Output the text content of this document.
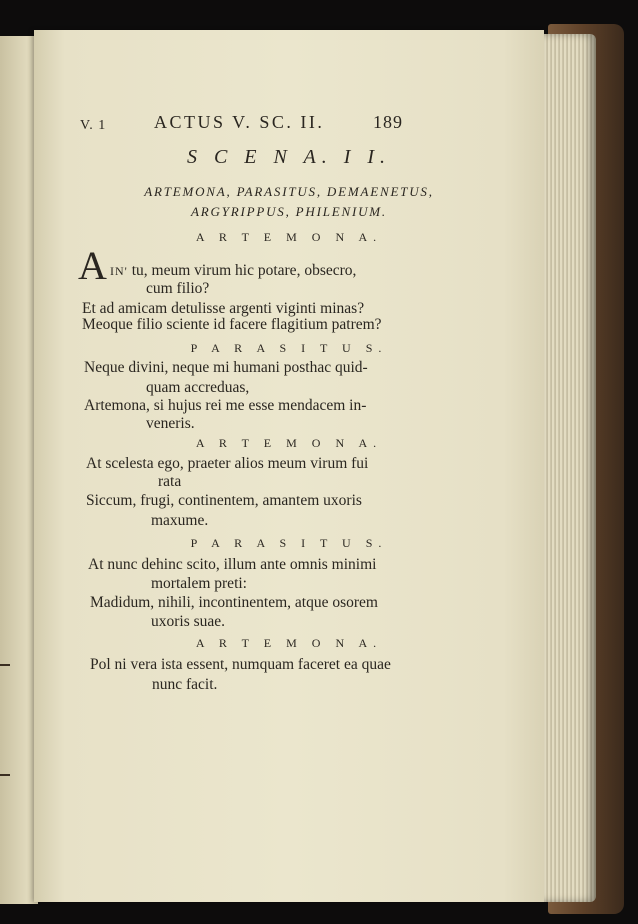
V. 1	ACTUS V. SC. II.	189
S C E N A. I I.
ARTEMONA, PARASITUS, DEMAENETUS,
ARGYRIPPUS, PHILENIUM.
A R T E M O N A.
A IN' tu, meum virum hic potare, obsecro,
cum filio?
Et ad amicam detulisse argenti viginti minas?
Meoque filio sciente id facere flagitium patrem?
P A R A S I T U S.
Neque divini, neque mi humani posthac quid-
quam accreduas,
Artemona, si hujus rei me esse mendacem in-
veneris.
A R T E M O N A.
At scelesta ego, praeter alios meum virum fui
rata
Siccum, frugi, continentem, amantem uxoris
maxume.
P A R A S I T U S.
At nunc dehinc scito, illum ante omnis minimi
mortalem preti:
Madidum, nihili, incontinentem, atque osorem
uxoris suae.
A R T E M O N A.
Pol ni vera ista essent, numquam faceret ea quae
nunc facit.
